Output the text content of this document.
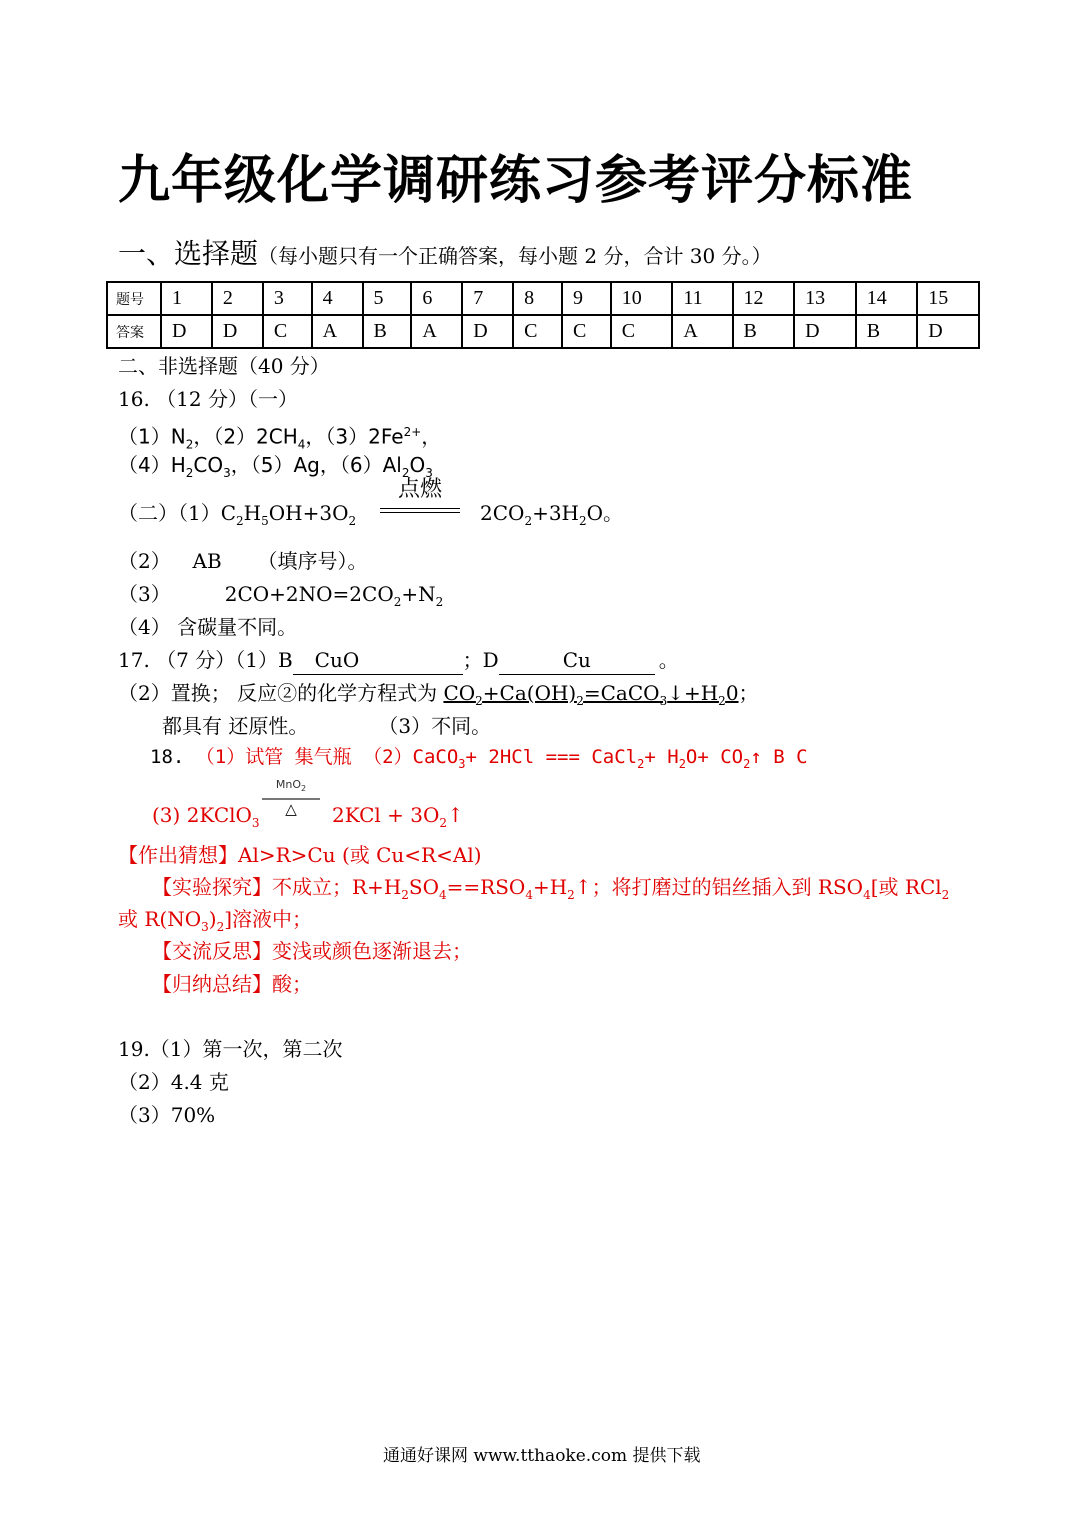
九年级化学调研练习参考评分标准
一、选择题（每小题只有一个正确答案，每小题 2 分，合计 30 分。）
题号	1	2	3	4	5	6	7	8	9	10	11	12	13	14	15
答案	D	D	C	A	B	A	D	C	C	C	A	B	D	B	D
二、非选择题（40 分）
16. （12 分）（一）
$(1)N_2$，$(2)2CH_4$，$(3)2Fe^{2+}$，
$(4)H_2CO_3$，（5）Ag，$(6)Al_2O_3$
（二）$(1)C_2H_5OH+3O_2$
点燃
$2CO_2+3H_2O$。
（2） AB （填序号）。
（3）	$2CO+2NO=2CO_2+N_2$
（4） 含碳量不同。
17. （7 分）（1）B CuO	；D	Cu	。
（2）置换； 反应②的化学方程式为 $CO_2+Ca(OH)_2=CaCO_3↓+H_20$；
都具有 还原性。	（3）不同。
18. （1）试管 集气瓶 （2）CaCO$_3$+ 2HCl === CaCl$_2$+ $H_2O+$ $CO_2↑$ B C
(3) 2KClO$_3$
MnO$_2$
△	$2KCl + 3O_2↑$
【作出猜想】Al>R>Cu (或 Cu<R<Al)
【实验探究】不成立；$R+H_2SO_4==RSO_4+H_2↑$；将打磨过的铝丝插入到 $RSO_4$[或 RCl$_2$
或 $R(NO_3)_2$]溶液中；
【交流反思】变浅或颜色逐渐退去；
【归纳总结】酸；
19.（1）第一次，第二次
（2）4.4 克
（3）70%
通通好课网 www.tthaoke.com 提供下载
